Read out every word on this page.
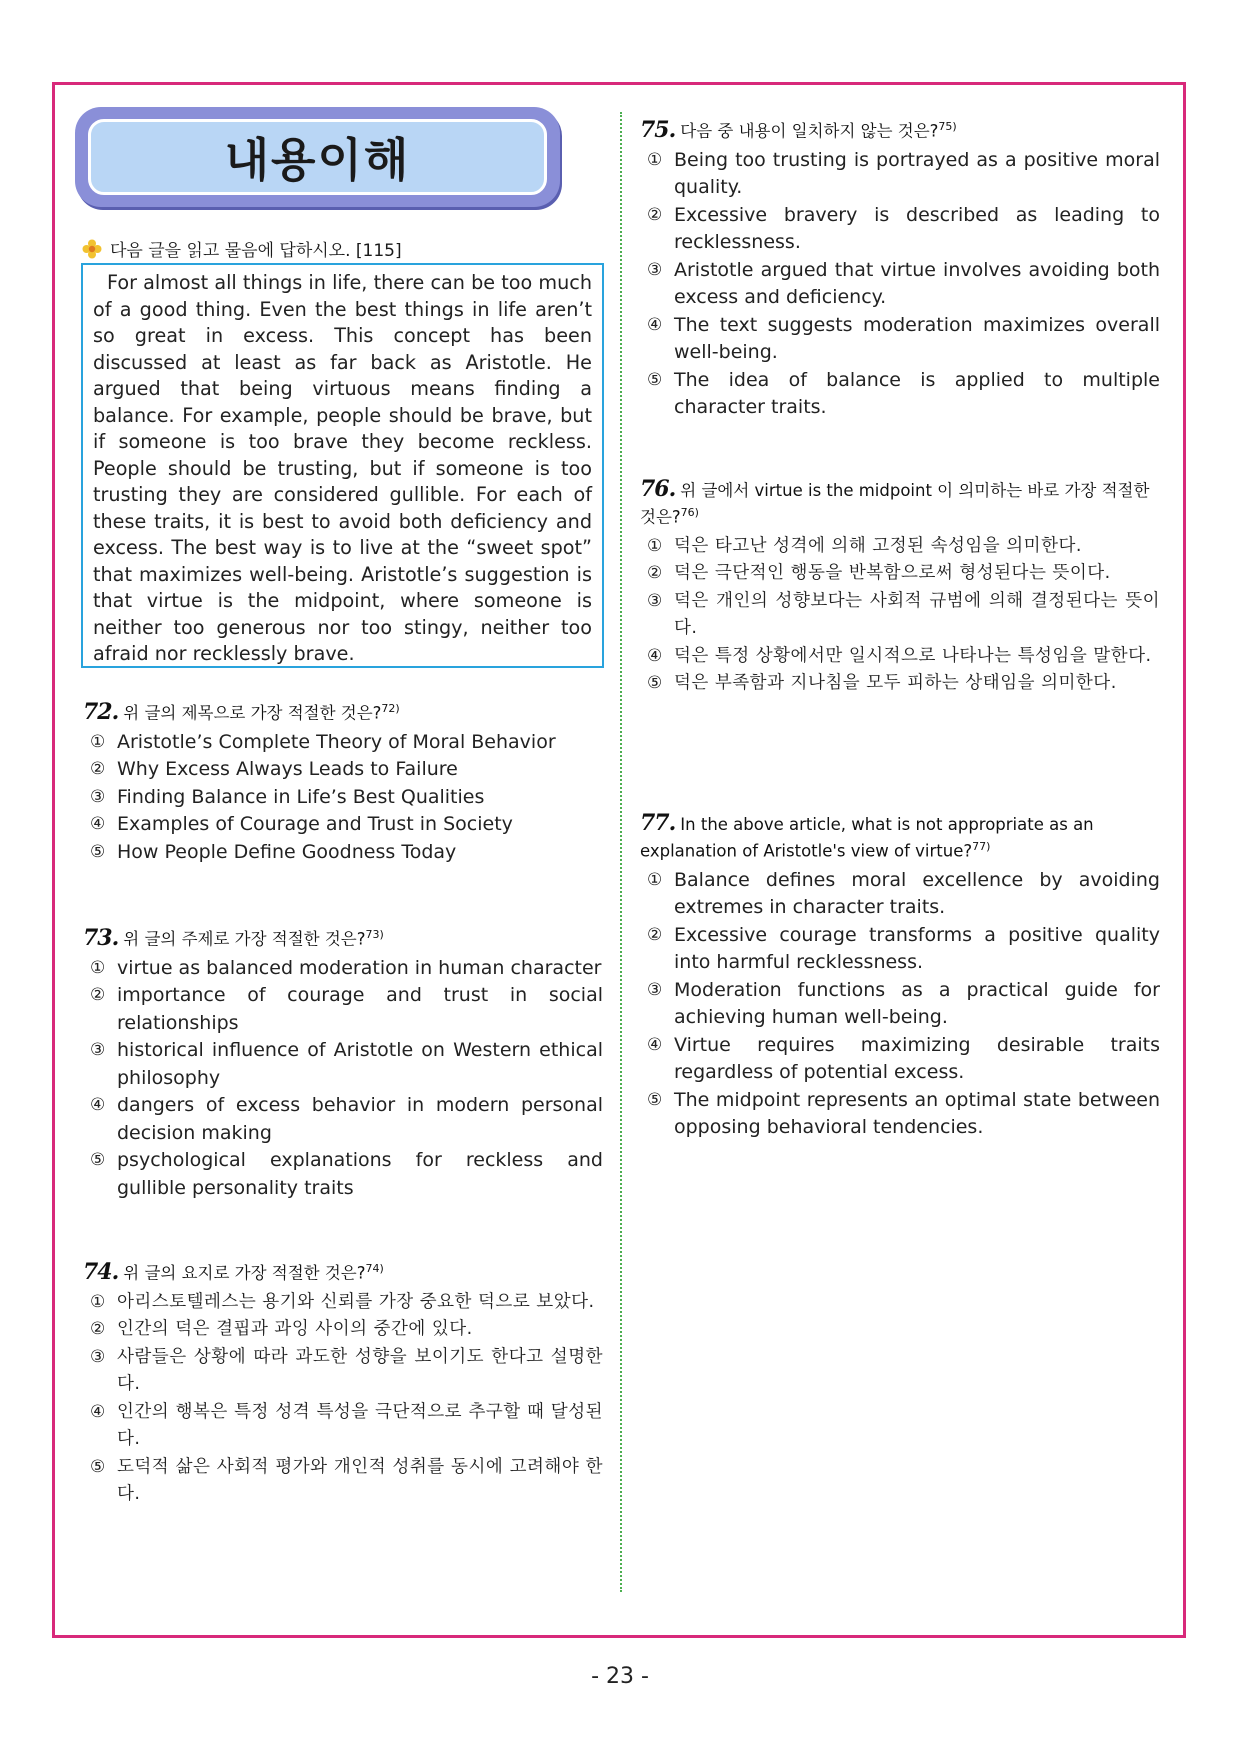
내용이해
다음 글을 읽고 물음에 답하시오. [115]

For almost all things in life, there can be too much of a good thing. Even the best things in life aren’t so great in excess. This concept has been discussed at least as far back as Aristotle. He argued that being virtuous means finding a balance. For example, people should be brave, but if someone is too brave they become reckless. People should be trusting, but if someone is too trusting they are considered gullible. For each of these traits, it is best to avoid both deficiency and excess. The best way is to live at the “sweet spot” that maximizes well-being. Aristotle’s suggestion is that virtue is the midpoint, where someone is neither too generous nor too stingy, neither too afraid nor recklessly brave.

72. 위 글의 제목으로 가장 적절한 것은?$^{72)}$
① Aristotle’s Complete Theory of Moral Behavior
② Why Excess Always Leads to Failure
③ Finding Balance in Life’s Best Qualities
④ Examples of Courage and Trust in Society
⑤ How People Define Goodness Today
73. 위 글의 주제로 가장 적절한 것은?$^{73)}$
① virtue as balanced moderation in human character
② importance of courage and trust in social relationships
③ historical influence of Aristotle on Western ethical philosophy
④ dangers of excess behavior in modern personal decision making
⑤ psychological explanations for reckless and gullible personality traits
74. 위 글의 요지로 가장 적절한 것은?$^{74)}$
① 아리스토텔레스는 용기와 신뢰를 가장 중요한 덕으로 보았다.
② 인간의 덕은 결핍과 과잉 사이의 중간에 있다.
③ 사람들은 상황에 따라 과도한 성향을 보이기도 한다고 설명한다.
④ 인간의 행복은 특정 성격 특성을 극단적으로 추구할 때 달성된다.
⑤ 도덕적 삶은 사회적 평가와 개인적 성취를 동시에 고려해야 한다.
75. 다음 중 내용이 일치하지 않는 것은?$^{75)}$
① Being too trusting is portrayed as a positive moral quality.
② Excessive bravery is described as leading to recklessness.
③ Aristotle argued that virtue involves avoiding both excess and deficiency.
④ The text suggests moderation maximizes overall well-being.
⑤ The idea of balance is applied to multiple character traits.
76. 위 글에서 virtue is the midpoint 이 의미하는 바로 가장 적절한 것은?$^{76)}$
① 덕은 타고난 성격에 의해 고정된 속성임을 의미한다.
② 덕은 극단적인 행동을 반복함으로써 형성된다는 뜻이다.
③ 덕은 개인의 성향보다는 사회적 규범에 의해 결정된다는 뜻이다.
④ 덕은 특정 상황에서만 일시적으로 나타나는 특성임을 말한다.
⑤ 덕은 부족함과 지나침을 모두 피하는 상태임을 의미한다.
77. In the above article, what is not appropriate as an explanation of Aristotle's view of virtue?$^{77)}$
① Balance defines moral excellence by avoiding extremes in character traits.
② Excessive courage transforms a positive quality into harmful recklessness.
③ Moderation functions as a practical guide for achieving human well-being.
④ Virtue requires maximizing desirable traits regardless of potential excess.
⑤ The midpoint represents an optimal state between opposing behavioral tendencies.
- 23 -
